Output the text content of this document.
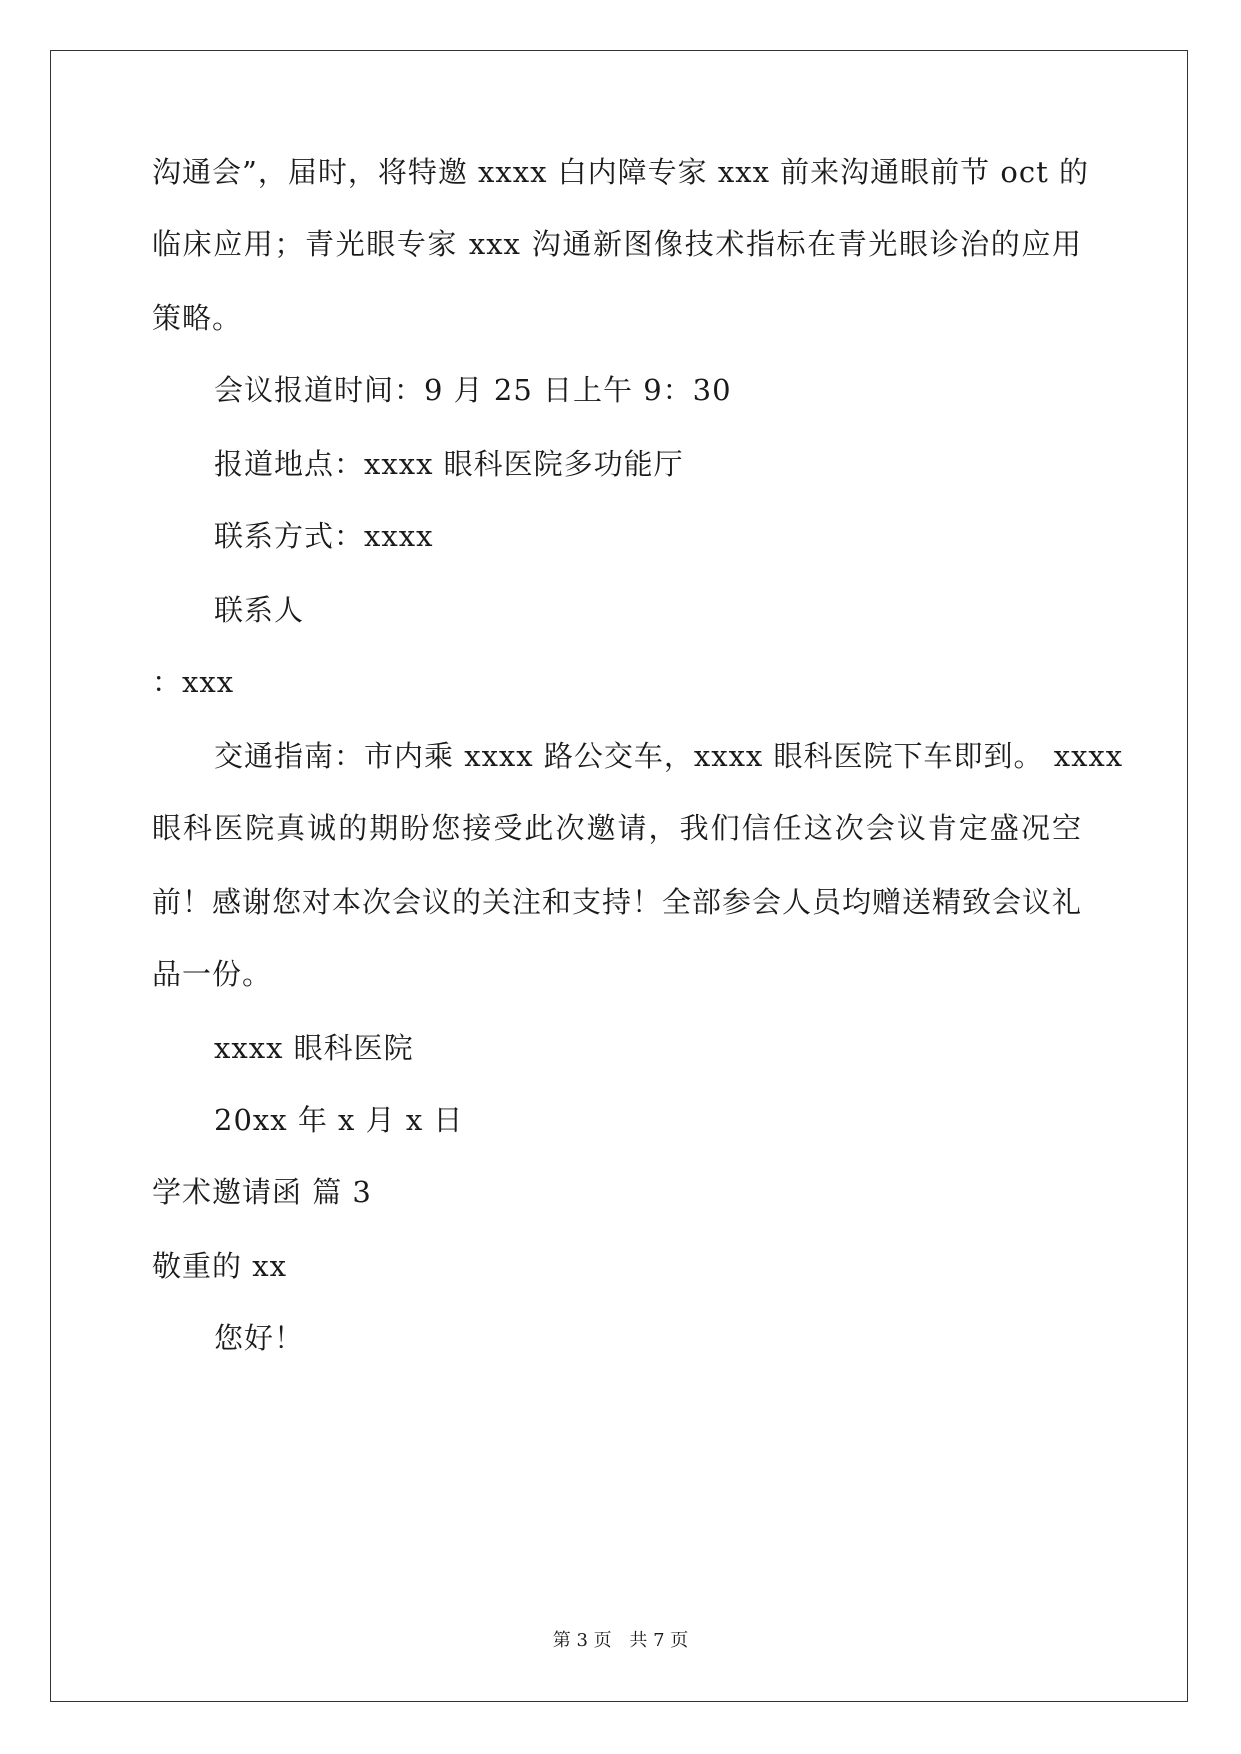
沟通会”，届时，将特邀 xxxx 白内障专家 xxx 前来沟通眼前节 oct 的
临床应用；青光眼专家 xxx 沟通新图像技术指标在青光眼诊治的应用
策略。
会议报道时间：9 月 25 日上午 9：30
报道地点：xxxx 眼科医院多功能厅
联系方式：xxxx
联系人
：xxx
交通指南：市内乘 xxxx 路公交车，xxxx 眼科医院下车即到。 xxxx
眼科医院真诚的期盼您接受此次邀请，我们信任这次会议肯定盛况空
前！感谢您对本次会议的关注和支持！全部参会人员均赠送精致会议礼
品一份。
xxxx 眼科医院
20xx 年 x 月 x 日
学术邀请函 篇 3
敬重的 xx
您好！
第 3 页 共 7 页
